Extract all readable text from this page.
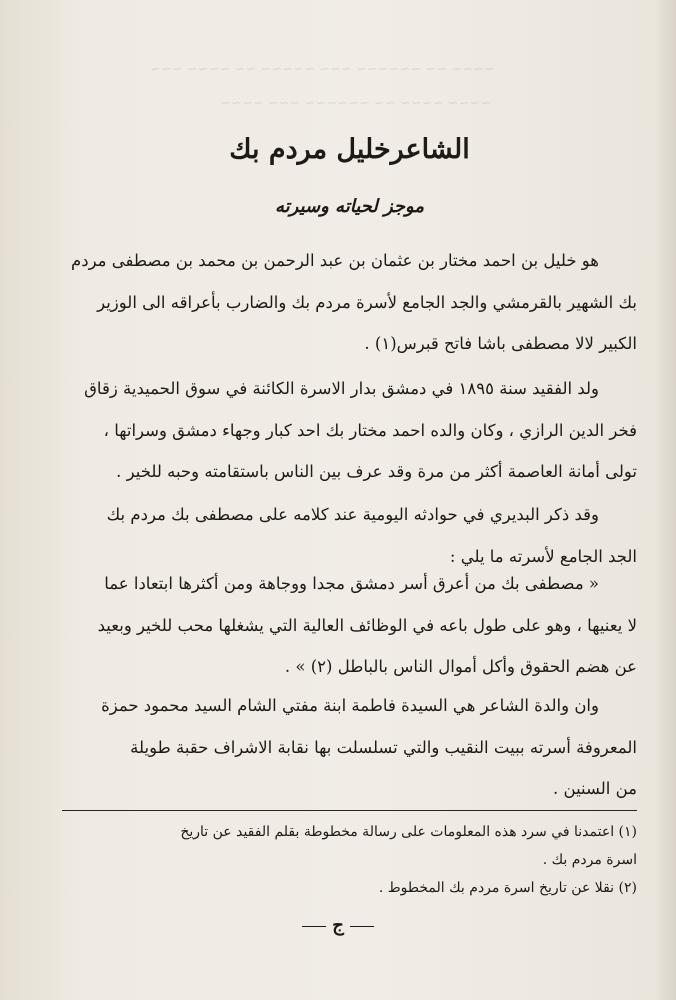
~~~ ~~~~ ~~ ~~~~~ ~~~ ~~~~~~ ~~ ~~~~
~~~~ ~~~ ~~~~~~ ~~ ~~~~ ~~~~
الشاعرخليل مردم بك
موجز لحياته وسيرته
هو خليل بن احمد مختار بن عثمان بن عبد الرحمن بن محمد بن مصطفى مردم
بك الشهير بالقرمشي والجد الجامع لأسرة مردم بك والضارب بأعراقه الى الوزير
الكبير لالا مصطفى باشا فاتح قبرس(١) .
ولد الفقيد سنة ١٨٩٥ في دمشق بدار الاسرة الكائنة في سوق الحميدية زقاق
فخر الدين الرازي ، وكان والده احمد مختار بك احد كبار وجهاء دمشق وسراتها ،
تولى أمانة العاصمة أكثر من مرة وقد عرف بين الناس باستقامته وحبه للخير .
وقد ذكر البديري في حوادثه اليومية عند كلامه على مصطفى بك مردم بك
الجد الجامع لأسرته ما يلي :
« مصطفى بك من أعرق أسر دمشق مجدا ووجاهة ومن أكثرها ابتعادا عما
لا يعنيها ، وهو على طول باعه في الوظائف العالية التي يشغلها محب للخير وبعيد
عن هضم الحقوق وأكل أموال الناس بالباطل (٢) » .
وان والدة الشاعر هي السيدة فاطمة ابنة مفتي الشام السيد محمود حمزة
المعروفة أسرته ببيت النقيب والتي تسلسلت بها نقابة الاشراف حقبة طويلة
من السنين .
(١) اعتمدنا في سرد هذه المعلومات على رسالة مخطوطة بقلم الفقيد عن تاريخ
اسرة مردم بك .
(٢) نقلا عن تاريخ اسرة مردم بك المخطوط .
ج
